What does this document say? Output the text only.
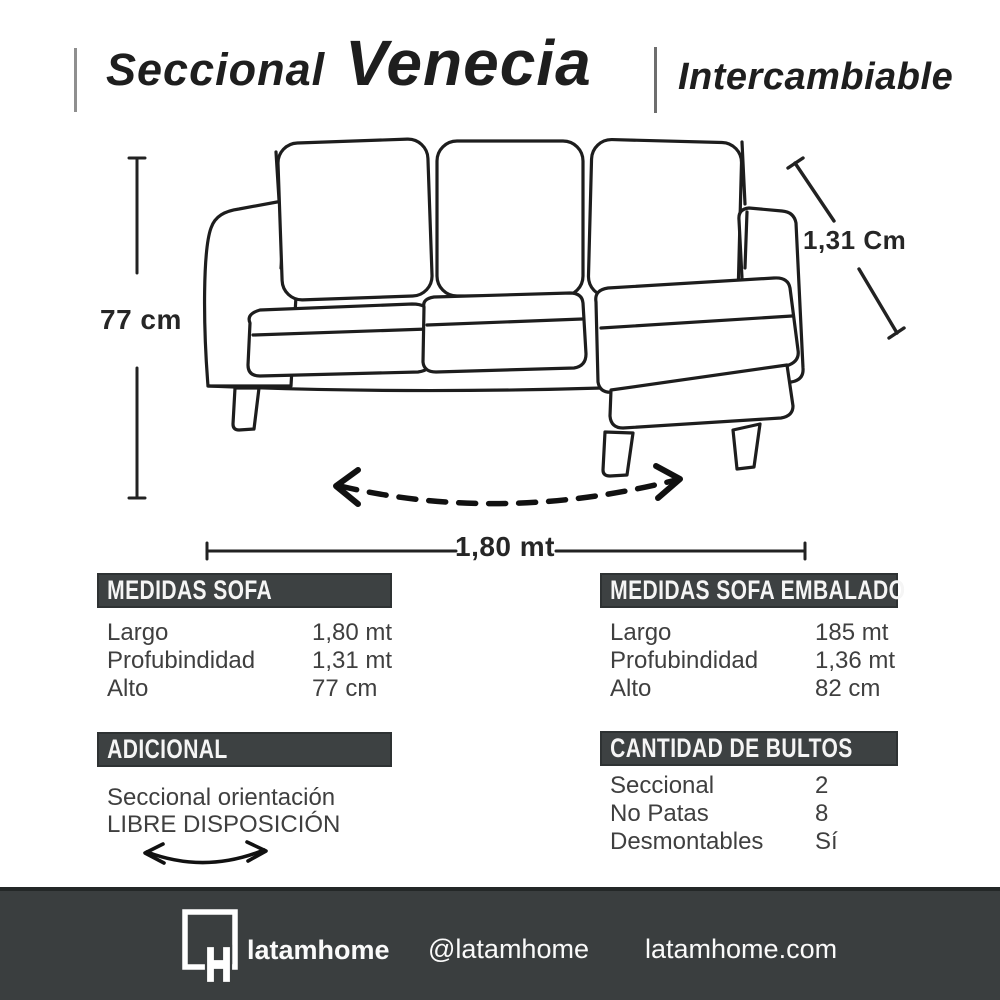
Seccional Venecia Intercambiable
77 cm
1,31 Cm
1,80 mt
MEDIDAS SOFA
Largo	1,80 mt
Profubindidad 1,31 mt
Alto	77 cm
MEDIDAS SOFA EMBALADO
Largo	185 mt
Profubindidad 1,36 mt
Alto	82 cm
ADICIONAL
Seccional orientación
LIBRE DISPOSICIÓN
CANTIDAD DE BULTOS
Seccional	2
No Patas	8
Desmontables Sí
latamhome @latamhome latamhome.com
